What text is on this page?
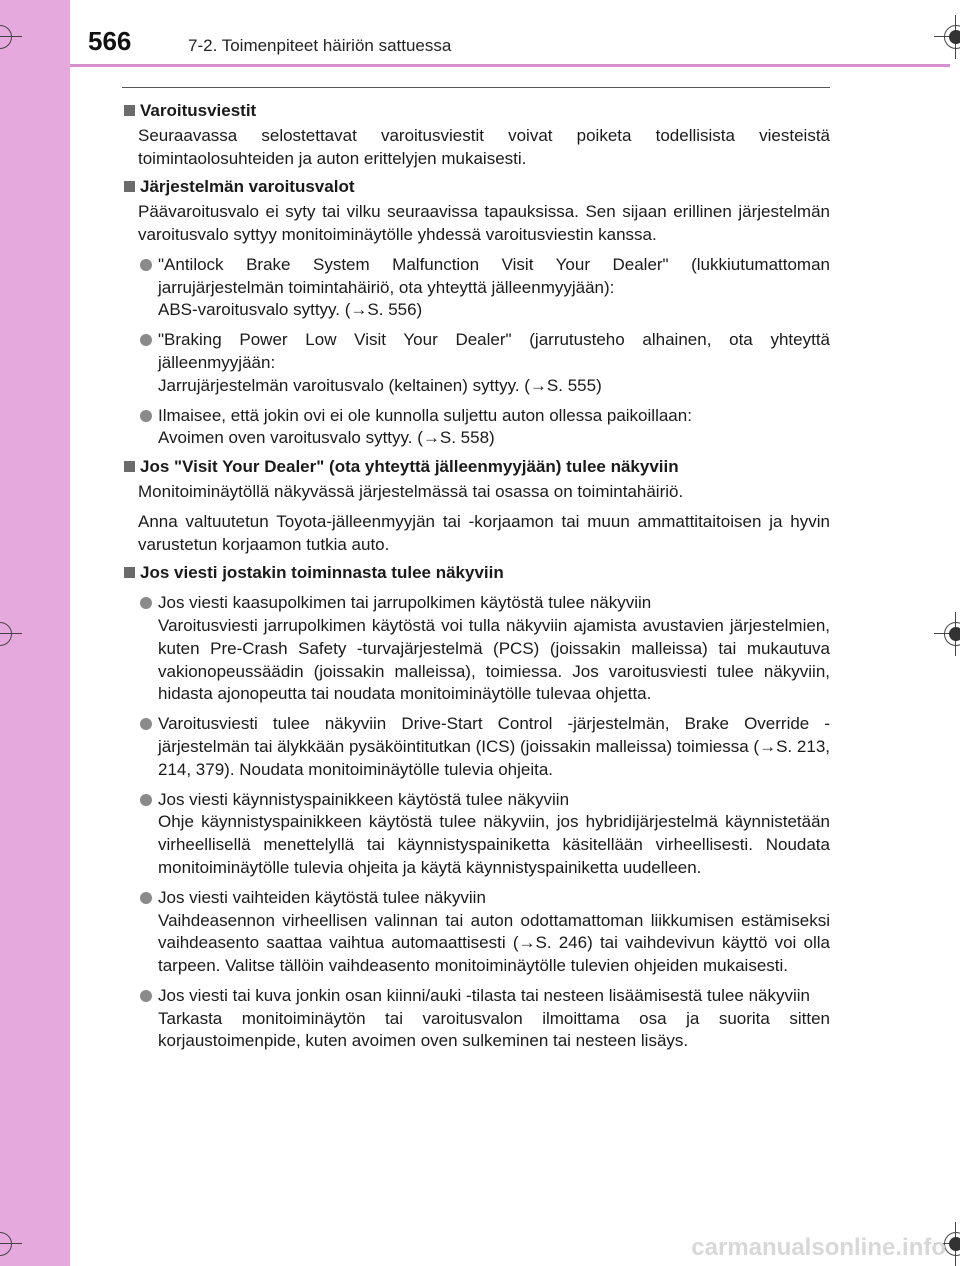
566	7-2. Toimenpiteet häiriön sattuessa
Varoitusviestit
Seuraavassa selostettavat varoitusviestit voivat poiketa todellisista viesteistä toimintaolosuhteiden ja auton erittelyjen mukaisesti.
Järjestelmän varoitusvalot
Päävaroitusvalo ei syty tai vilku seuraavissa tapauksissa. Sen sijaan erillinen järjestelmän varoitusvalo syttyy monitoiminäytölle yhdessä varoitusviestin kanssa.
"Antilock Brake System Malfunction Visit Your Dealer" (lukkiutumattoman jarrujärjestelmän toimintahäiriö, ota yhteyttä jälleenmyyjään):
ABS-varoitusvalo syttyy. (→S. 556)
"Braking Power Low Visit Your Dealer" (jarrutusteho alhainen, ota yhteyttä jälleenmyyjään:
Jarrujärjestelmän varoitusvalo (keltainen) syttyy. (→S. 555)
Ilmaisee, että jokin ovi ei ole kunnolla suljettu auton ollessa paikoillaan:
Avoimen oven varoitusvalo syttyy. (→S. 558)
Jos "Visit Your Dealer" (ota yhteyttä jälleenmyyjään) tulee näkyviin
Monitoiminäytöllä näkyvässä järjestelmässä tai osassa on toimintahäiriö.
Anna valtuutetun Toyota-jälleenmyyjän tai -korjaamon tai muun ammattitaitoisen ja hyvin varustetun korjaamon tutkia auto.
Jos viesti jostakin toiminnasta tulee näkyviin
Jos viesti kaasupolkimen tai jarrupolkimen käytöstä tulee näkyviin
Varoitusviesti jarrupolkimen käytöstä voi tulla näkyviin ajamista avustavien järjestelmien, kuten Pre-Crash Safety -turvajärjestelmä (PCS) (joissakin malleissa) tai mukautuva vakionopeussäädin (joissakin malleissa), toimiessa. Jos varoitusviesti tulee näkyviin, hidasta ajonopeutta tai noudata monitoiminäytölle tulevaa ohjetta.
Varoitusviesti tulee näkyviin Drive-Start Control -järjestelmän, Brake Override -järjestelmän tai älykkään pysäköintitutkan (ICS) (joissakin malleissa) toimiessa (→S. 213, 214, 379). Noudata monitoiminäytölle tulevia ohjeita.
Jos viesti käynnistyspainikkeen käytöstä tulee näkyviin
Ohje käynnistyspainikkeen käytöstä tulee näkyviin, jos hybridijärjestelmä käynnistetään virheellisellä menettelyllä tai käynnistyspainiketta käsitellään virheellisesti. Noudata monitoiminäytölle tulevia ohjeita ja käytä käynnistyspainiketta uudelleen.
Jos viesti vaihteiden käytöstä tulee näkyviin
Vaihdeasennon virheellisen valinnan tai auton odottamattoman liikkumisen estämiseksi vaihdeasento saattaa vaihtua automaattisesti (→S. 246) tai vaihdevivun käyttö voi olla tarpeen. Valitse tällöin vaihdeasento monitoiminäytölle tulevien ohjeiden mukaisesti.
Jos viesti tai kuva jonkin osan kiinni/auki -tilasta tai nesteen lisäämisestä tulee näkyviin
Tarkasta monitoiminäytön tai varoitusvalon ilmoittama osa ja suorita sitten korjaustoimenpide, kuten avoimen oven sulkeminen tai nesteen lisäys.
carmanualsonline.info
